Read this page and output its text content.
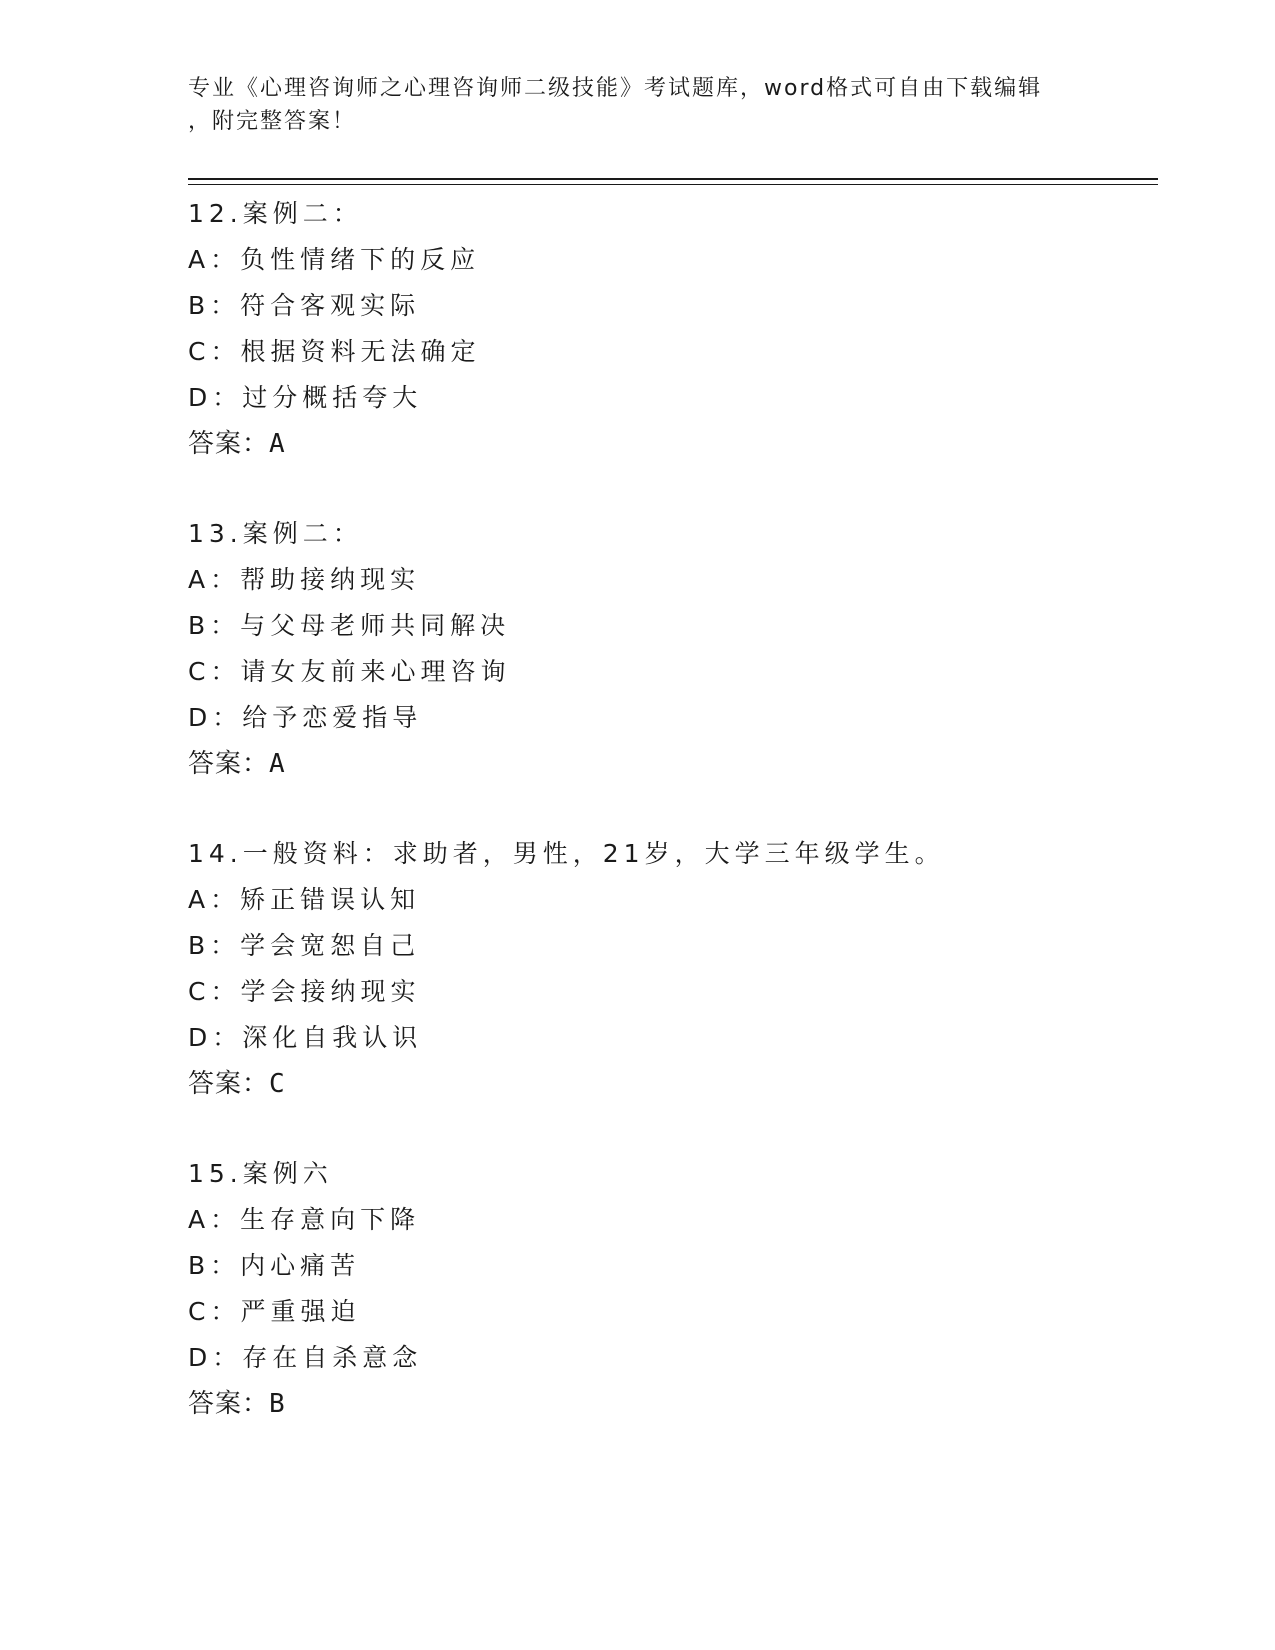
专业《心理咨询师之心理咨询师二级技能》考试题库，word格式可自由下载编辑
，附完整答案！
12.案例二：
A：负性情绪下的反应
B：符合客观实际
C：根据资料无法确定
D：过分概括夸大
答案：A
13.案例二：
A：帮助接纳现实
B：与父母老师共同解决
C：请女友前来心理咨询
D：给予恋爱指导
答案：A
14.一般资料：求助者，男性，21岁，大学三年级学生。
A：矫正错误认知
B：学会宽恕自己
C：学会接纳现实
D：深化自我认识
答案：C
15.案例六
A：生存意向下降
B：内心痛苦
C：严重强迫
D：存在自杀意念
答案：B
